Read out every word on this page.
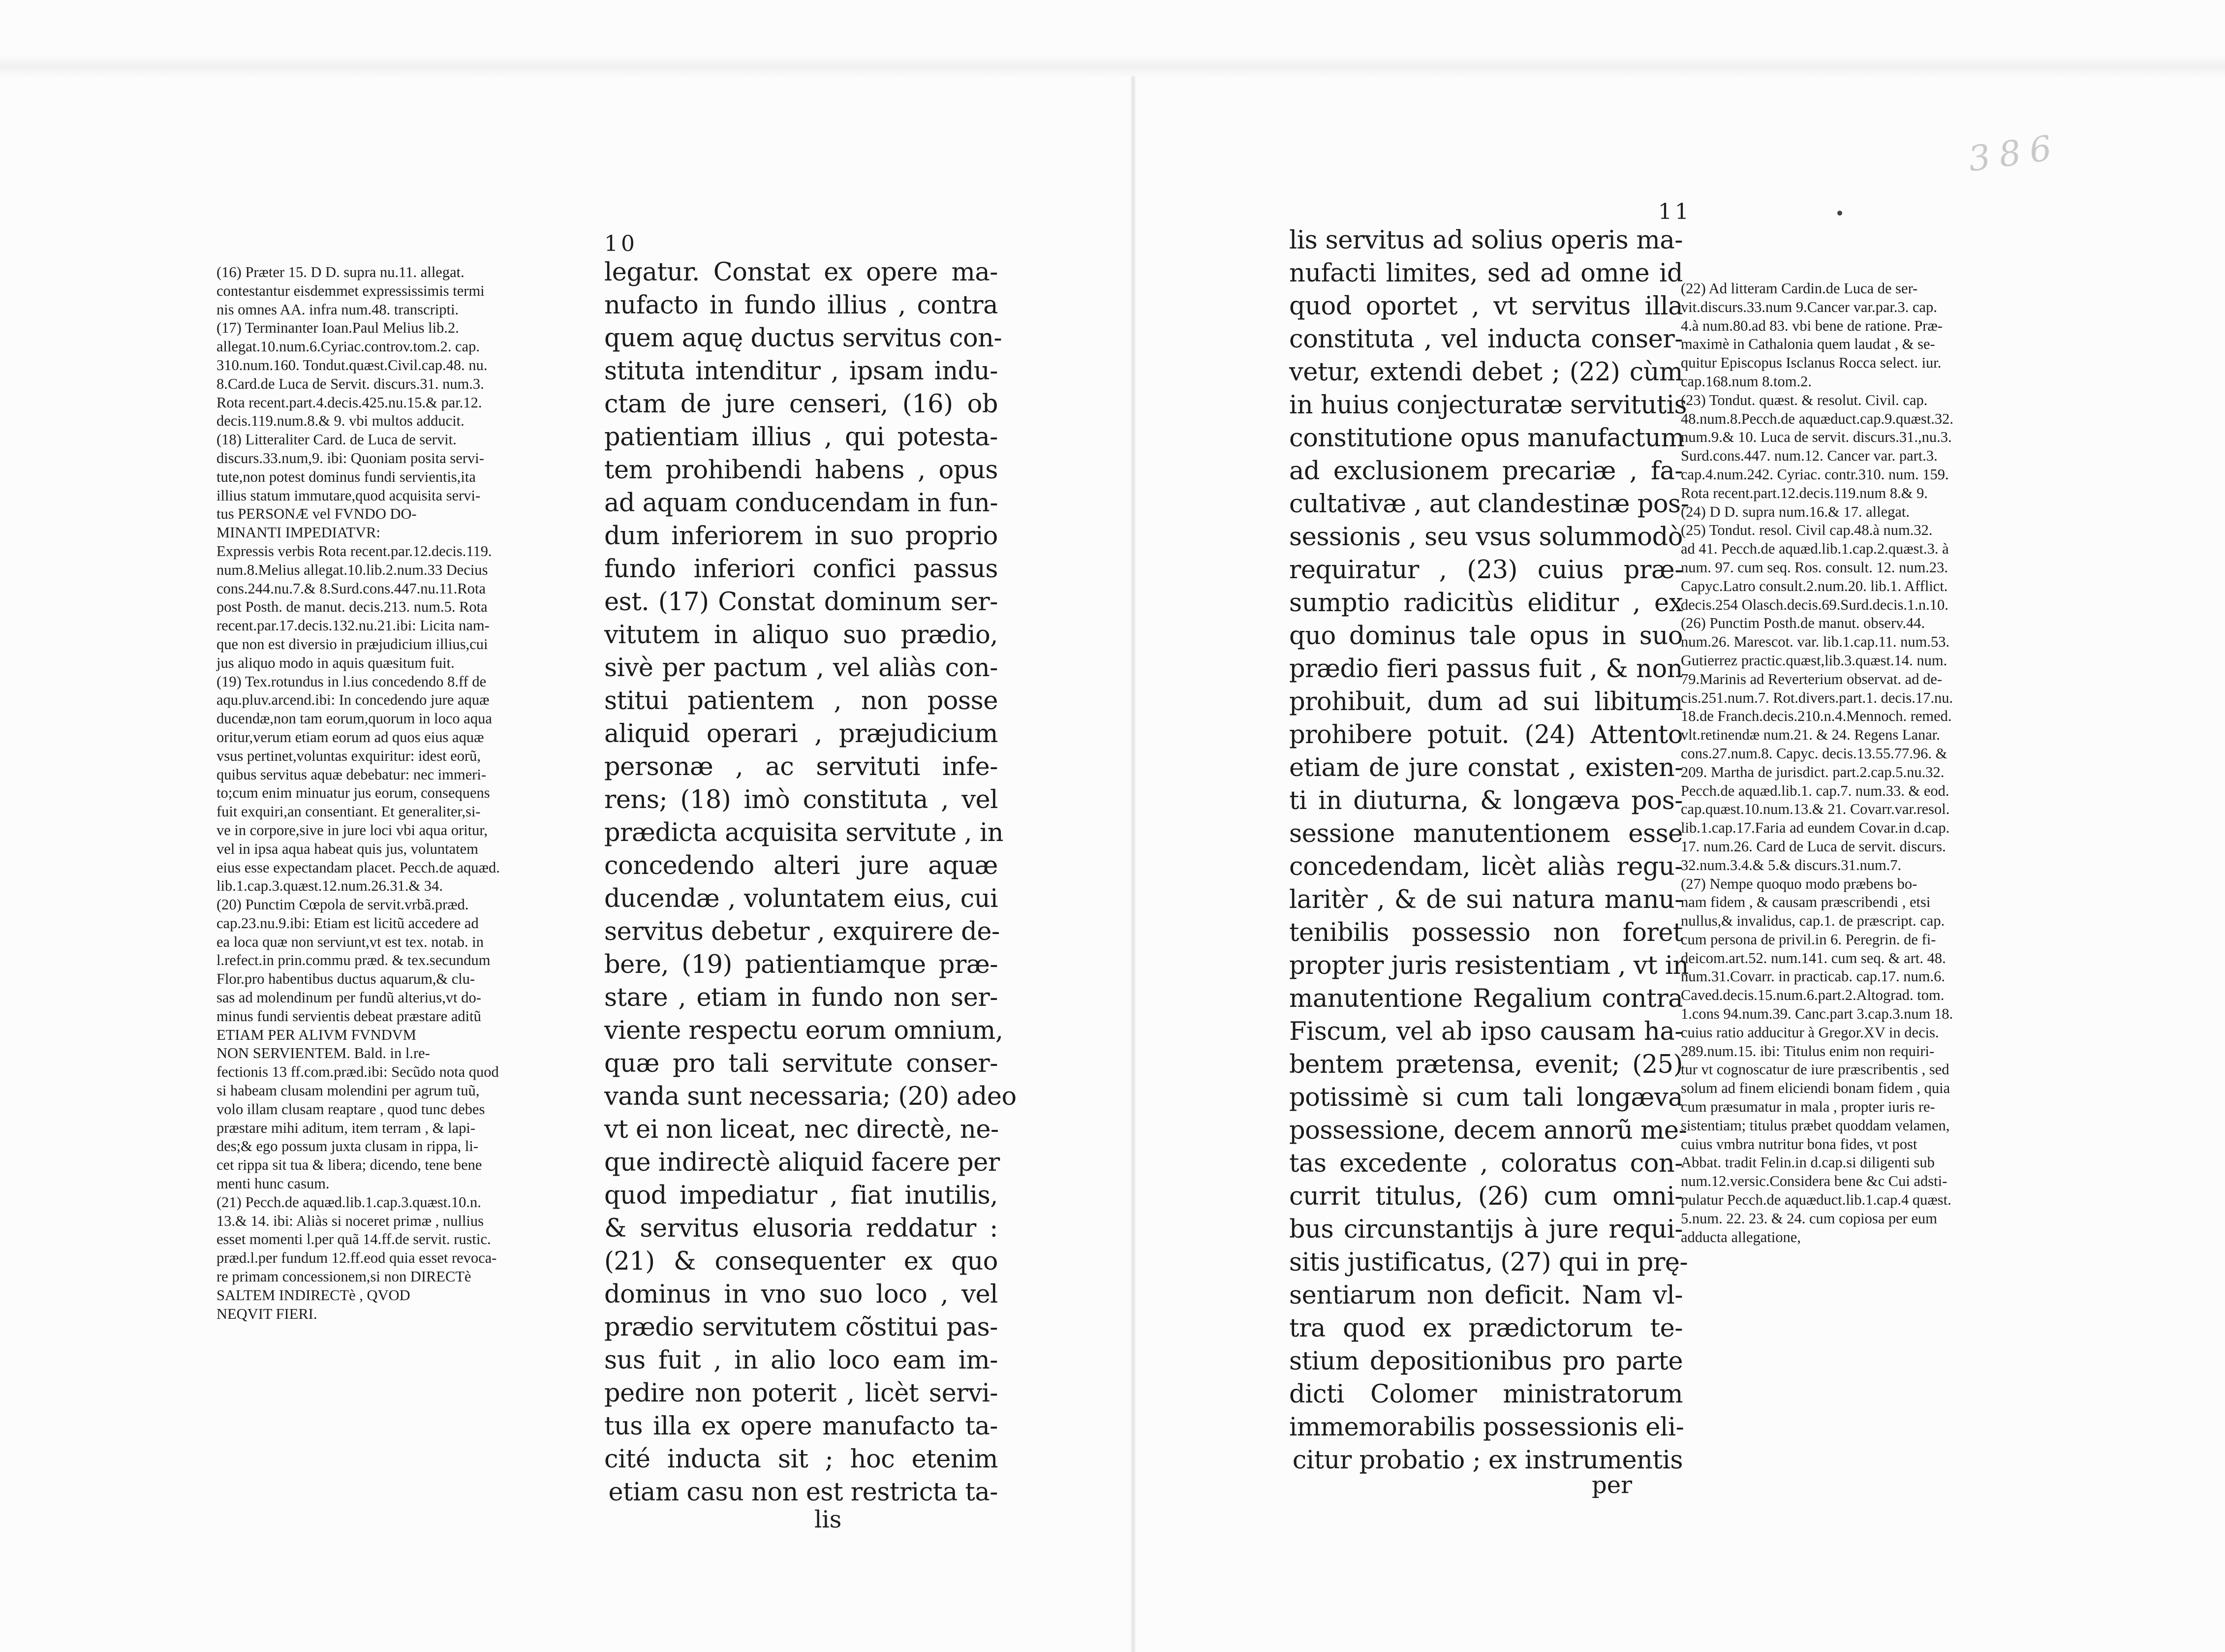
(16) Præter 15. D D. supra nu.11. allegat.
contestantur eisdemmet expressissimis termi
nis omnes AA. infra num.48. transcripti.
(17) Terminanter Ioan.Paul Melius lib.2.
allegat.10.num.6.Cyriac.controv.tom.2. cap.
310.num.160. Tondut.quæst.Civil.cap.48. nu.
8.Card.de Luca de Servit. discurs.31. num.3.
Rota recent.part.4.decis.425.nu.15.& par.12.
decis.119.num.8.& 9. vbi multos adducit.
(18) Litteraliter Card. de Luca de servit.
discurs.33.num,9. ibi: Quoniam posita servi-
tute,non potest dominus fundi servientis,ita
illius statum immutare,quod acquisita servi-
tus PERSONÆ vel FVNDO DO-
MINANTI IMPEDIATVR:
Expressis verbis Rota recent.par.12.decis.119.
num.8.Melius allegat.10.lib.2.num.33 Decius
cons.244.nu.7.& 8.Surd.cons.447.nu.11.Rota
post Posth. de manut. decis.213. num.5. Rota
recent.par.17.decis.132.nu.21.ibi: Licita nam-
que non est diversio in præjudicium illius,cui
jus aliquo modo in aquis quæsitum fuit.
(19) Tex.rotundus in l.ius concedendo 8.ff de
aqu.pluv.arcend.ibi: In concedendo jure aquæ
ducendæ,non tam eorum,quorum in loco aqua
oritur,verum etiam eorum ad quos eius aquæ
vsus pertinet,voluntas exquiritur: idest eorũ,
quibus servitus aquæ debebatur: nec immeri-
to;cum enim minuatur jus eorum, consequens
fuit exquiri,an consentiant. Et generaliter,si-
ve in corpore,sive in jure loci vbi aqua oritur,
vel in ipsa aqua habeat quis jus, voluntatem
eius esse expectandam placet. Pecch.de aquæd.
lib.1.cap.3.quæst.12.num.26.31.& 34.
(20) Punctim Cœpola de servit.vrbã.præd.
cap.23.nu.9.ibi: Etiam est licitũ accedere ad
ea loca quæ non serviunt,vt est tex. notab. in
l.refect.in prin.commu præd. & tex.secundum
Flor.pro habentibus ductus aquarum,& clu-
sas ad molendinum per fundũ alterius,vt do-
minus fundi servientis debeat præstare aditũ
ETIAM PER ALIVM FVNDVM
NON SERVIENTEM. Bald. in l.re-
fectionis 13 ff.com.præd.ibi: Secũdo nota quod
si habeam clusam molendini per agrum tuũ,
volo illam clusam reaptare , quod tunc debes
præstare mihi aditum, item terram , & lapi-
des;& ego possum juxta clusam in rippa, li-
cet rippa sit tua & libera; dicendo, tene bene
menti hunc casum.
(21) Pecch.de aquæd.lib.1.cap.3.quæst.10.n.
13.& 14. ibi: Aliàs si noceret primæ , nullius
esset momenti l.per quã 14.ff.de servit. rustic.
præd.l.per fundum 12.ff.eod quia esset revoca-
re primam concessionem,si non DIRECTè
SALTEM INDIRECTè , QVOD
NEQVIT FIERI.
10
legatur. Constat ex opere ma-
nufacto in fundo illius , contra
quem aquę ductus servitus con-
stituta intenditur , ipsam indu-
ctam de jure censeri, (16) ob
patientiam illius , qui potesta-
tem prohibendi habens , opus
ad aquam conducendam in fun-
dum inferiorem in suo proprio
fundo inferiori confici passus
est. (17) Constat dominum ser-
vitutem in aliquo suo prædio,
sivè per pactum , vel aliàs con-
stitui patientem , non posse
aliquid operari , præjudicium
personæ , ac servituti infe-
rens; (18) imò constituta , vel
prædicta acquisita servitute , in
concedendo alteri jure aquæ
ducendæ , voluntatem eius, cui
servitus debetur , exquirere de-
bere, (19) patientiamque præ-
stare , etiam in fundo non ser-
viente respectu eorum omnium,
quæ pro tali servitute conser-
vanda sunt necessaria; (20) adeo
vt ei non liceat, nec directè, ne-
que indirectè aliquid facere per
quod impediatur , fiat inutilis,
& servitus elusoria reddatur :
(21) & consequenter ex quo
dominus in vno suo loco , vel
prædio servitutem cõstitui pas-
sus fuit , in alio loco eam im-
pedire non poterit , licèt servi-
tus illa ex opere manufacto ta-
cité inducta sit ; hoc etenim
etiam casu non est restricta ta-
lis
11
lis servitus ad solius operis ma-
nufacti limites, sed ad omne id
quod oportet , vt servitus illa
constituta , vel inducta conser-
vetur, extendi debet ; (22) cùm
in huius conjecturatæ servitutis
constitutione opus manufactum
ad exclusionem precariæ , fa-
cultativæ , aut clandestinæ pos-
sessionis , seu vsus solummodò
requiratur , (23) cuius præ-
sumptio radicitùs eliditur , ex
quo dominus tale opus in suo
prædio fieri passus fuit , & non
prohibuit, dum ad sui libitum
prohibere potuit. (24) Attento
etiam de jure constat , existen-
ti in diuturna, & longæva pos-
sessione manutentionem esse
concedendam, licèt aliàs regu-
laritèr , & de sui natura manu-
tenibilis possessio non foret
propter juris resistentiam , vt in
manutentione Regalium contra
Fiscum, vel ab ipso causam ha-
bentem prætensa, evenit; (25)
potissimè si cum tali longæva
possessione, decem annorũ me-
tas excedente , coloratus con-
currit titulus, (26) cum omni-
bus circunstantijs à jure requi-
sitis justificatus, (27) qui in prę-
sentiarum non deficit. Nam vl-
tra quod ex prædictorum te-
stium depositionibus pro parte
dicti Colomer ministratorum
immemorabilis possessionis eli-
citur probatio ; ex instrumentis
per
(22) Ad litteram Cardin.de Luca de ser-
vit.discurs.33.num 9.Cancer var.par.3. cap.
4.à num.80.ad 83. vbi bene de ratione. Præ-
maximè in Cathalonia quem laudat , & se-
quitur Episcopus Isclanus Rocca select. iur.
cap.168.num 8.tom.2.
(23) Tondut. quæst. & resolut. Civil. cap.
48.num.8.Pecch.de aquæduct.cap.9.quæst.32.
num.9.& 10. Luca de servit. discurs.31.,nu.3.
Surd.cons.447. num.12. Cancer var. part.3.
cap.4.num.242. Cyriac. contr.310. num. 159.
Rota recent.part.12.decis.119.num 8.& 9.
(24) D D. supra num.16.& 17. allegat.
(25) Tondut. resol. Civil cap.48.à num.32.
ad 41. Pecch.de aquæd.lib.1.cap.2.quæst.3. à
num. 97. cum seq. Ros. consult. 12. num.23.
Capyc.Latro consult.2.num.20. lib.1. Afflict.
decis.254 Olasch.decis.69.Surd.decis.1.n.10.
(26) Punctim Posth.de manut. observ.44.
num.26. Marescot. var. lib.1.cap.11. num.53.
Gutierrez practic.quæst,lib.3.quæst.14. num.
79.Marinis ad Reverterium observat. ad de-
cis.251.num.7. Rot.divers.part.1. decis.17.nu.
18.de Franch.decis.210.n.4.Mennoch. remed.
vlt.retinendæ num.21. & 24. Regens Lanar.
cons.27.num.8. Capyc. decis.13.55.77.96. &
209. Martha de jurisdict. part.2.cap.5.nu.32.
Pecch.de aquæd.lib.1. cap.7. num.33. & eod.
cap.quæst.10.num.13.& 21. Covarr.var.resol.
lib.1.cap.17.Faria ad eundem Covar.in d.cap.
17. num.26. Card de Luca de servit. discurs.
32.num.3.4.& 5.& discurs.31.num.7.
(27) Nempe quoquo modo præbens bo-
nam fidem , & causam præscribendi , etsi
nullus,& invalidus, cap.1. de præscript. cap.
cum persona de privil.in 6. Peregrin. de fi-
deicom.art.52. num.141. cum seq. & art. 48.
num.31.Covarr. in practicab. cap.17. num.6.
Caved.decis.15.num.6.part.2.Altograd. tom.
1.cons 94.num.39. Canc.part 3.cap.3.num 18.
cuius ratio adducitur à Gregor.XV in decis.
289.num.15. ibi: Titulus enim non requiri-
tur vt cognoscatur de iure præscribentis , sed
solum ad finem eliciendi bonam fidem , quia
cum præsumatur in mala , propter iuris re-
sistentiam; titulus præbet quoddam velamen,
cuius vmbra nutritur bona fides, vt post
Abbat. tradit Felin.in d.cap.si diligenti sub
num.12.versic.Considera bene &c Cui adsti-
pulatur Pecch.de aquæduct.lib.1.cap.4 quæst.
5.num. 22. 23. & 24. cum copiosa per eum
adducta allegatione,
386
